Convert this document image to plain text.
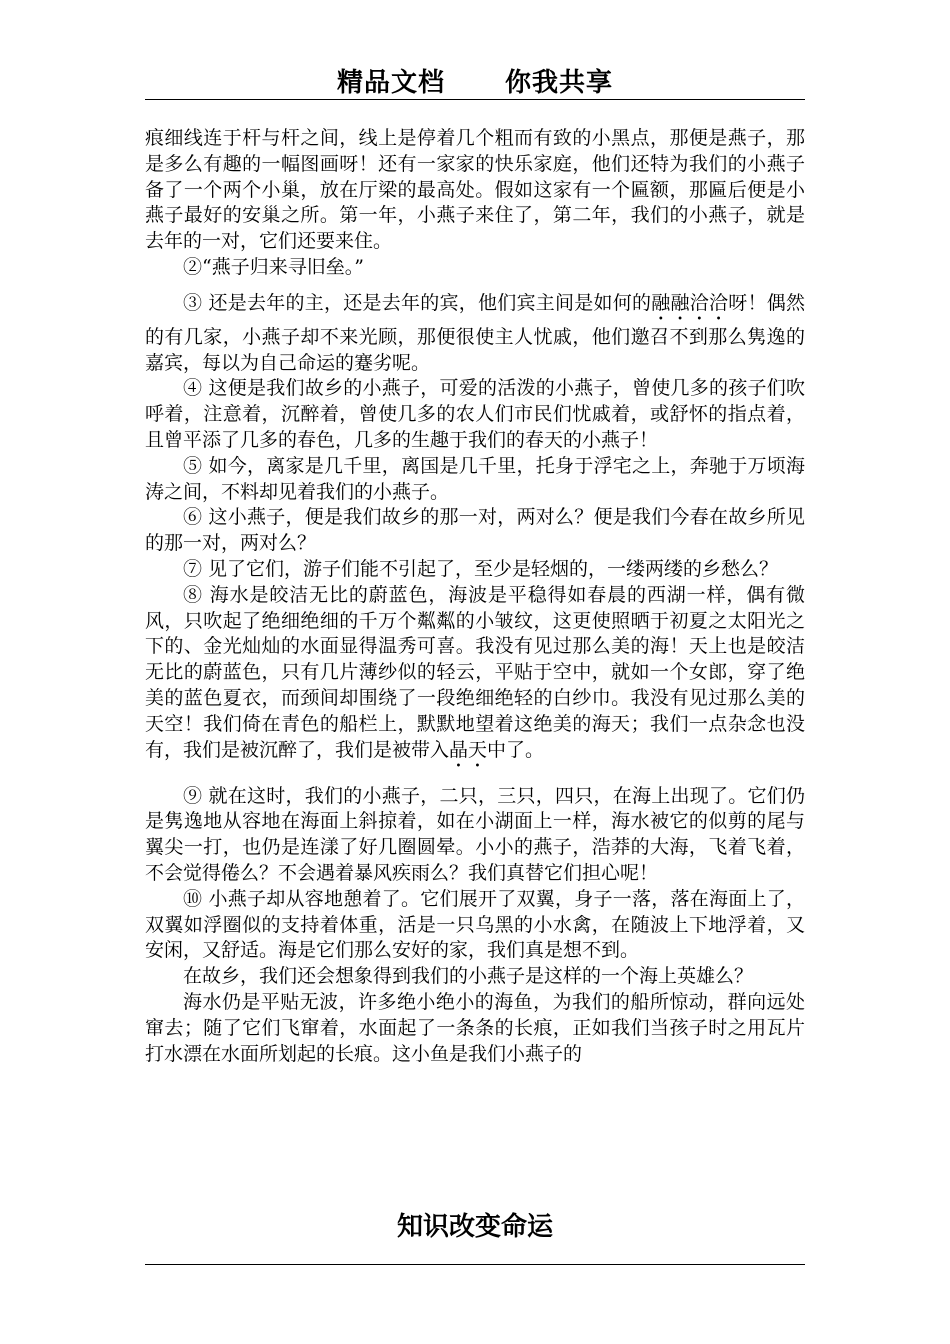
精品文档 你我共享

痕细线连于杆与杆之间，线上是停着几个粗而有致的小黑点，那便是燕子，那是多么有趣的一幅图画呀！还有一家家的快乐家庭，他们还特为我们的小燕子备了一个两个小巢，放在厅梁的最高处。假如这家有一个匾额，那匾后便是小燕子最好的安巢之所。第一年，小燕子来住了，第二年，我们的小燕子，就是去年的一对，它们还要来住。

②“燕子归来寻旧垒。”

③ 还是去年的主，还是去年的宾，他们宾主间是如何的融融洽洽呀！偶然的有几家，小燕子却不来光顾，那便很使主人忧戚，他们邀召不到那么隽逸的嘉宾，每以为自己命运的蹇劣呢。

④ 这便是我们故乡的小燕子，可爱的活泼的小燕子，曾使几多的孩子们吹呼着，注意着，沉醉着，曾使几多的农人们市民们忧戚着，或舒怀的指点着，且曾平添了几多的春色，几多的生趣于我们的春天的小燕子！

⑤ 如今，离家是几千里，离国是几千里，托身于浮宅之上，奔驰于万顷海涛之间，不料却见着我们的小燕子。

⑥ 这小燕子，便是我们故乡的那一对，两对么？便是我们今春在故乡所见的那一对，两对么？

⑦ 见了它们，游子们能不引起了，至少是轻烟的，一缕两缕的乡愁么？

⑧ 海水是皎洁无比的蔚蓝色，海波是平稳得如春晨的西湖一样，偶有微风，只吹起了绝细绝细的千万个粼粼的小皱纹，这更使照晒于初夏之太阳光之下的、金光灿灿的水面显得温秀可喜。我没有见过那么美的海！天上也是皎洁无比的蔚蓝色，只有几片薄纱似的轻云，平贴于空中，就如一个女郎，穿了绝美的蓝色夏衣，而颈间却围绕了一段绝细绝轻的白纱巾。我没有见过那么美的天空！我们倚在青色的船栏上，默默地望着这绝美的海天；我们一点杂念也没有，我们是被沉醉了，我们是被带入晶天中了。

⑨ 就在这时，我们的小燕子，二只，三只，四只，在海上出现了。它们仍是隽逸地从容地在海面上斜掠着，如在小湖面上一样，海水被它的似剪的尾与翼尖一打，也仍是连漾了好几圈圆晕。小小的燕子，浩莽的大海，飞着飞着，不会觉得倦么？不会遇着暴风疾雨么？我们真替它们担心呢！

⑩ 小燕子却从容地憩着了。它们展开了双翼，身子一落，落在海面上了，双翼如浮圈似的支持着体重，活是一只乌黑的小水禽，在随波上下地浮着，又安闲，又舒适。海是它们那么安好的家，我们真是想不到。

在故乡，我们还会想象得到我们的小燕子是这样的一个海上英雄么？

海水仍是平贴无波，许多绝小绝小的海鱼，为我们的船所惊动，群向远处窜去；随了它们飞窜着，水面起了一条条的长痕，正如我们当孩子时之用瓦片打水漂在水面所划起的长痕。这小鱼是我们小燕子的

知识改变命运
